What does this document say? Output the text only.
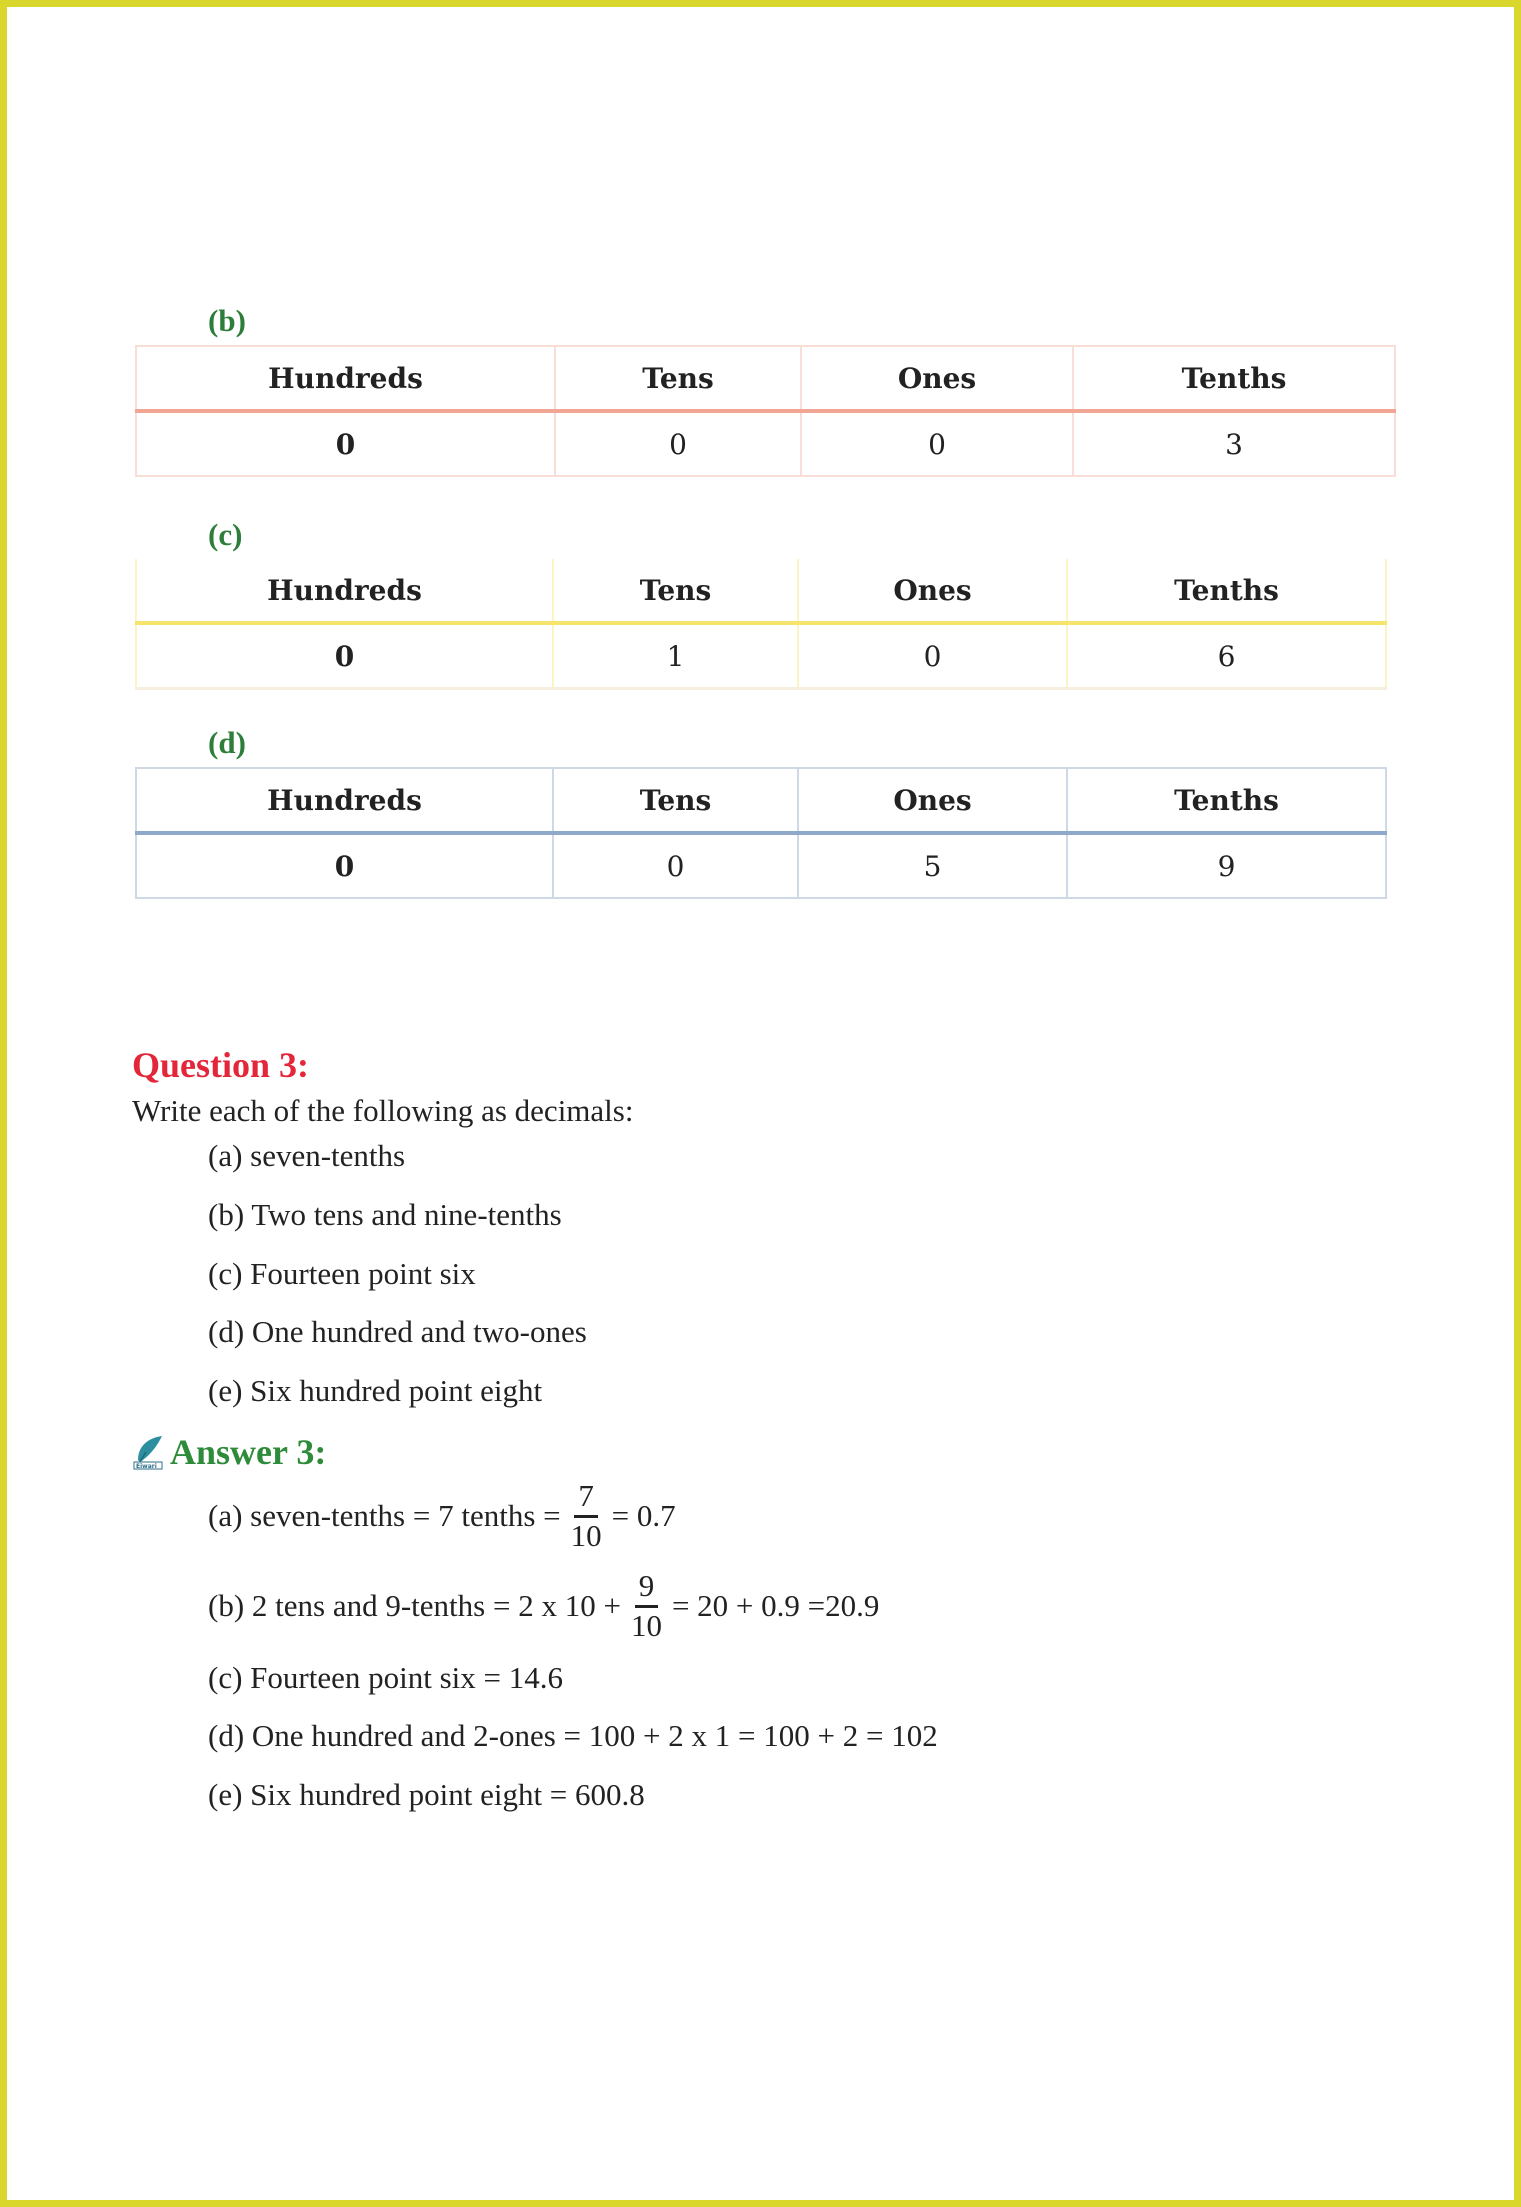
(b)
Hundreds	Tens	Ones	Tenths
0	0	0	3
(c)
Hundreds	Tens	Ones	Tenths
0	1	0	6
(d)
Hundreds	Tens	Ones	Tenths
0	0	5	9
Question 3:
Write each of the following as decimals:
(a) seven-tenths
(b) Two tens and nine-tenths
(c) Fourteen point six
(d) One hundred and two-ones
(e) Six hundred point eight
Eiwari Answer 3:
(a) seven-tenths = 7 tenths = $\frac{7}{10} = 0.7$
(b) 2 tens and 9-tenths = 2 x $10 + \frac{9}{10} = 20 + 0.9 =20.9$
(c) Fourteen point six = 14.6
(d) One hundred and 2-ones = 100 + 2 x 1 = 100 + 2 = 102
(e) Six hundred point eight = 600.8
